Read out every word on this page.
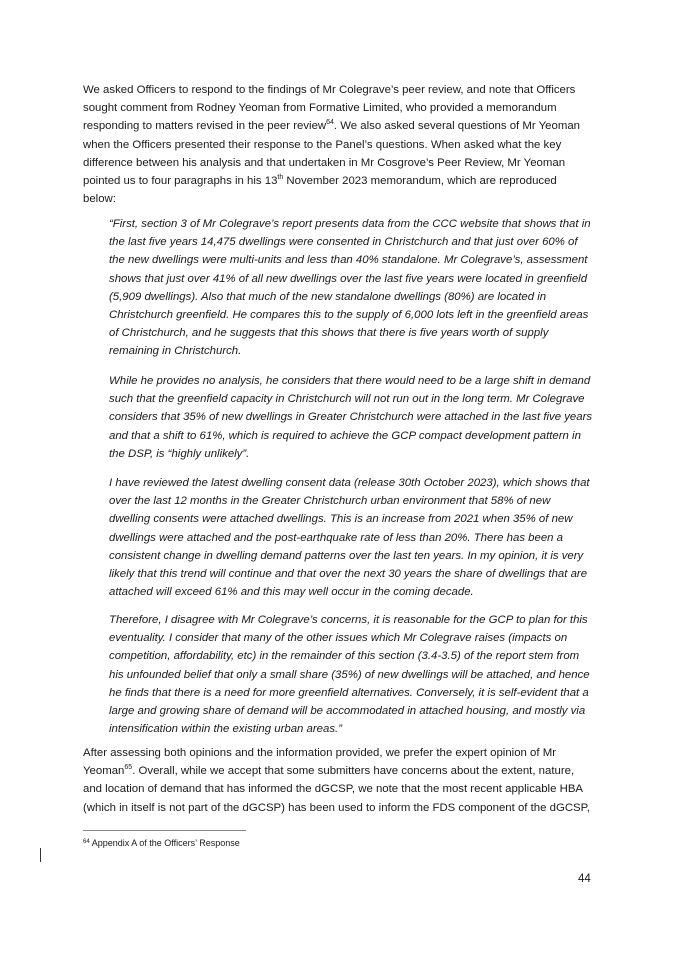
We asked Officers to respond to the findings of Mr Colegrave’s peer review, and note that Officers
sought comment from Rodney Yeoman from Formative Limited, who provided a memorandum
responding to matters revised in the peer review$^{64}$. We also asked several questions of Mr Yeoman
when the Officers presented their response to the Panel’s questions. When asked what the key
difference between his analysis and that undertaken in Mr Cosgrove’s Peer Review, Mr Yeoman
pointed us to four paragraphs in his 13th November 2023 memorandum, which are reproduced
below:

“First, section 3 of Mr Colegrave’s report presents data from the CCC website that shows that in
the last five years 14,475 dwellings were consented in Christchurch and that just over 60% of
the new dwellings were multi-units and less than 40% standalone. Mr Colegrave’s, assessment
shows that just over 41% of all new dwellings over the last five years were located in greenfield
(5,909 dwellings). Also that much of the new standalone dwellings (80%) are located in
Christchurch greenfield. He compares this to the supply of 6,000 lots left in the greenfield areas
of Christchurch, and he suggests that this shows that there is five years worth of supply
remaining in Christchurch.

While he provides no analysis, he considers that there would need to be a large shift in demand
such that the greenfield capacity in Christchurch will not run out in the long term. Mr Colegrave
considers that 35% of new dwellings in Greater Christchurch were attached in the last five years
and that a shift to 61%, which is required to achieve the GCP compact development pattern in
the DSP, is “highly unlikely”.

I have reviewed the latest dwelling consent data (release 30th October 2023), which shows that
over the last 12 months in the Greater Christchurch urban environment that 58% of new
dwelling consents were attached dwellings. This is an increase from 2021 when 35% of new
dwellings were attached and the post-earthquake rate of less than 20%. There has been a
consistent change in dwelling demand patterns over the last ten years. In my opinion, it is very
likely that this trend will continue and that over the next 30 years the share of dwellings that are
attached will exceed 61% and this may well occur in the coming decade.

Therefore, I disagree with Mr Colegrave’s concerns, it is reasonable for the GCP to plan for this
eventuality. I consider that many of the other issues which Mr Colegrave raises (impacts on
competition, affordability, etc) in the remainder of this section (3.4-3.5) of the report stem from
his unfounded belief that only a small share (35%) of new dwellings will be attached, and hence
he finds that there is a need for more greenfield alternatives. Conversely, it is self-evident that a
large and growing share of demand will be accommodated in attached housing, and mostly via
intensification within the existing urban areas.”

After assessing both opinions and the information provided, we prefer the expert opinion of Mr
Yeoman$^{65}$. Overall, while we accept that some submitters have concerns about the extent, nature,
and location of demand that has informed the dGCSP, we note that the most recent applicable HBA
(which in itself is not part of the dGCSP) has been used to inform the FDS component of the dGCSP,

$^{64}$ Appendix A of the Officers’ Response
44
